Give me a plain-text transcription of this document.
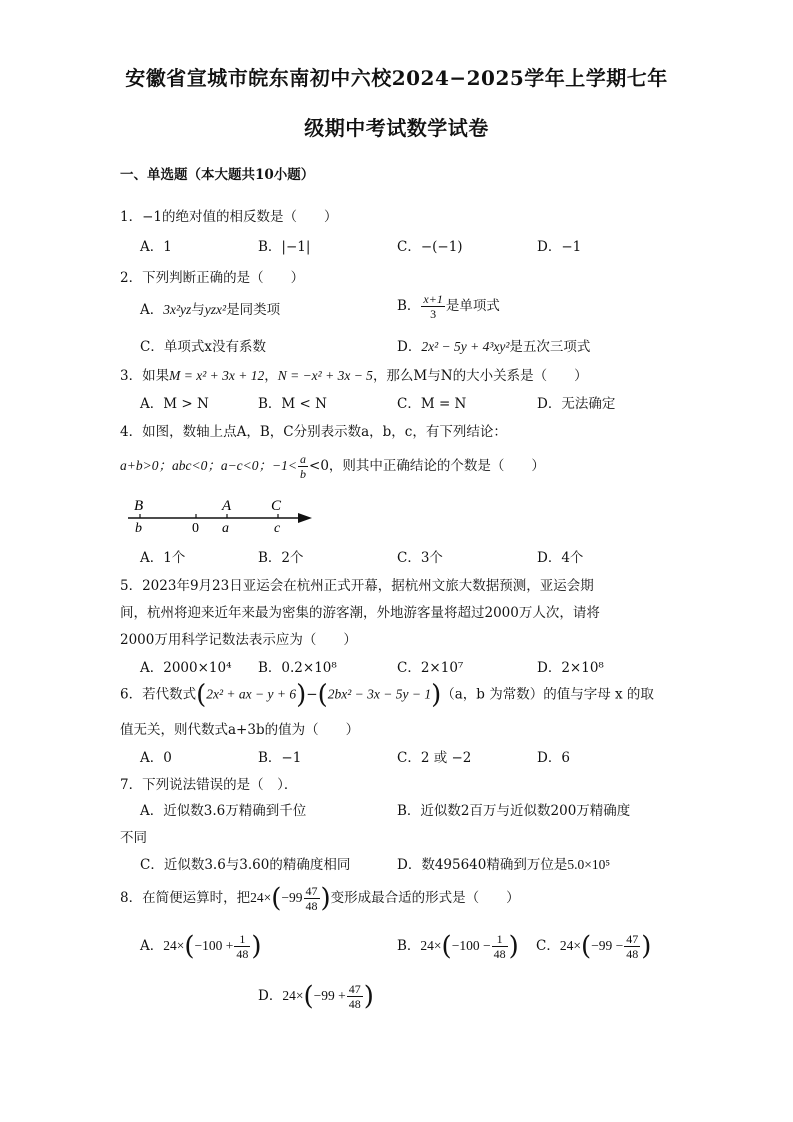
安徽省宣城市皖东南初中六校2024−2025学年上学期七年
级期中考试数学试卷
一、单选题（本大题共10小题）
1．−1的绝对值的相反数是（　　）
A．1	B．|−1|	C．−(−1)	D．−1
2．下列判断正确的是（　　）
A．3x²yz与yzx²是同类项	B． $\frac{x+1}{3}$ 是单项式
C．单项式x没有系数	D．2x² − 5y + 4³xy²是五次三项式
3．如果M = x² + 3x + 12，N = −x² + 3x − 5，那么M与N的大小关系是（　　）
A．M > N	B．M < N	C．M = N	D．无法确定
4．如图，数轴上点A，B，C分别表示数a，b，c，有下列结论：
a+b>0；abc<0；a−c<0；$-1< \frac{a}{b} <0$，则其中正确结论的个数是（　　）
B	A	C
b	0 a	c
A．1个	B．2个	C．3个	D．4个
5．2023年9月23日亚运会在杭州正式开幕，据杭州文旅大数据预测，亚运会期
间，杭州将迎来近年来最为密集的游客潮，外地游客量将超过2000万人次，请将
2000万用科学记数法表示应为（　　）
A．2000×10⁴ B．0.2×10⁸	C．2×10⁷	D．2×10⁸
6．若代数式(2x² + ax − y + 6)−(2bx² − 3x − 5y − 1)（a，b 为常数）的值与字母 x 的取
值无关，则代数式a+3b的值为（　　）
A．0	B．−1	C．2 或 −2	D．6
7．下列说法错误的是（　）．
A．近似数3.6万精确到千位	B．近似数2百万与近似数200万精确度
不同
C．近似数3.6与3.60的精确度相同	D．数495640精确到万位是5.0×10⁵
8．在简便运算时，把$24\times(-99 \frac{47}{48}$ )变形成最合适的形式是（　　）
A．$24\times(-100 + \frac{1}{48}$ )	B．$24\times(-100 - \frac{1}{48}$ ) C．$24\times(-99 - \frac{47}{48}$ )
D．$24\times(-99 + \frac{47}{48}$ )
